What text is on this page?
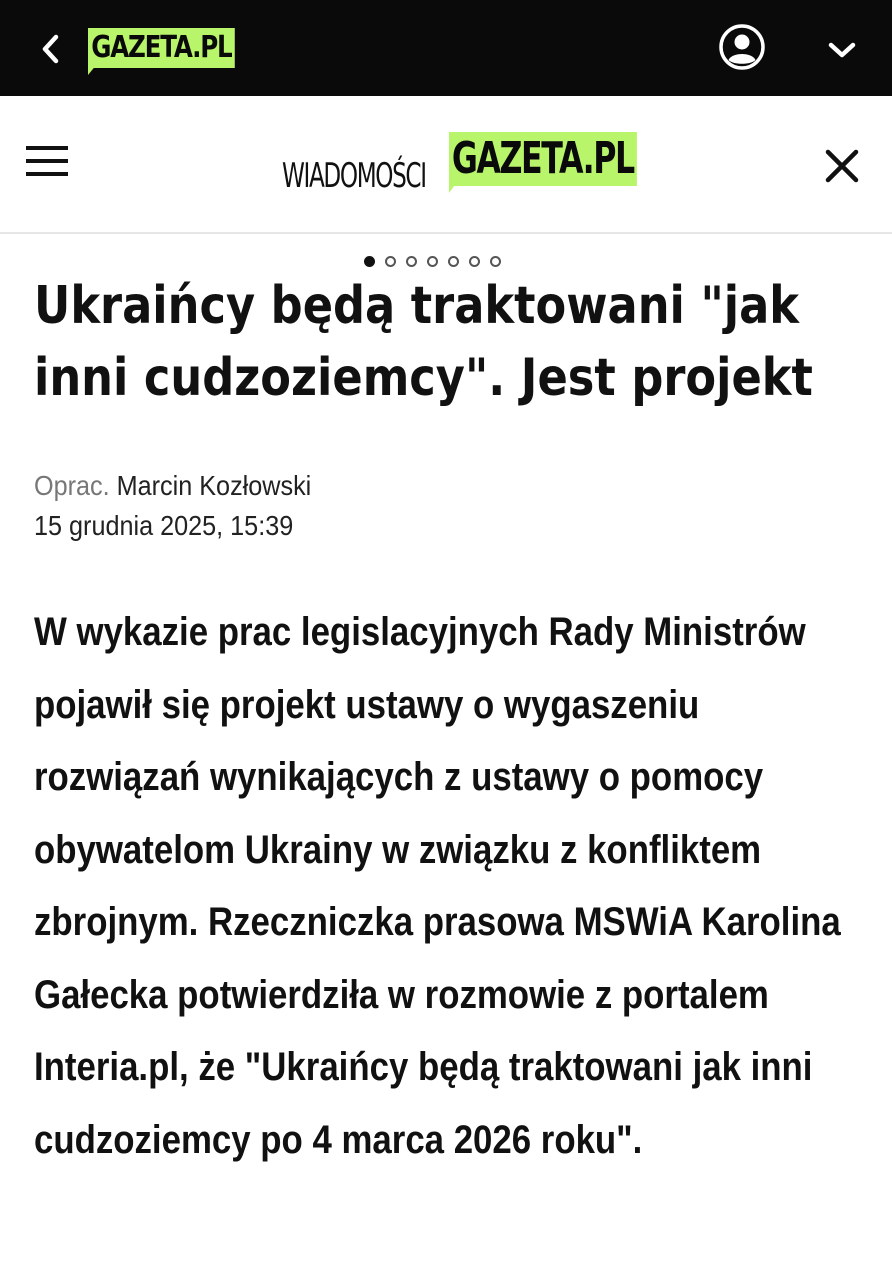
GAZETA.PL
WIADOMOŚCI GAZETA.PL
Ukraińcy będą traktowani "jak inni cudzoziemcy". Jest projekt
Oprac. Marcin Kozłowski
15 grudnia 2025, 15:39

W wykazie prac legislacyjnych Rady Ministrów pojawił się projekt ustawy o wygaszeniu rozwiązań wynikających z ustawy o pomocy obywatelom Ukrainy w związku z konfliktem zbrojnym. Rzeczniczka prasowa MSWiA Karolina Gałecka potwierdziła w rozmowie z portalem Interia.pl, że "Ukraińcy będą traktowani jak inni cudzoziemcy po 4 marca 2026 roku".
